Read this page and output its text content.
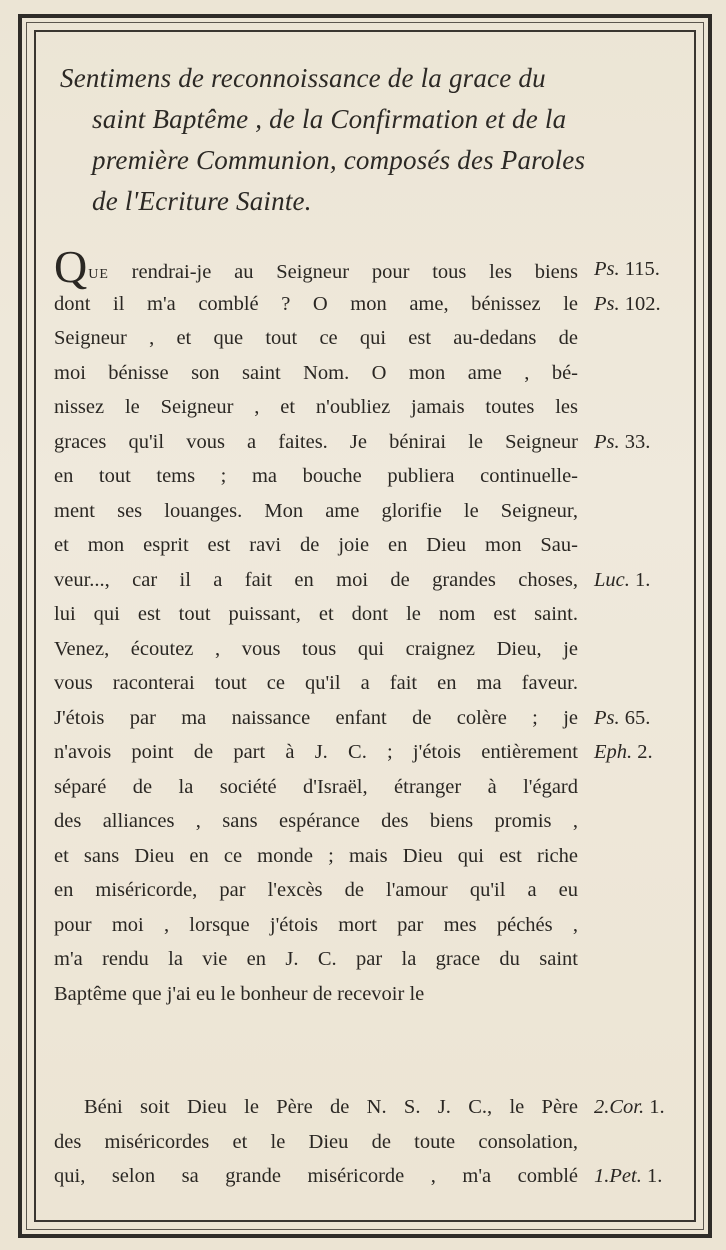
Sentimens de reconnoissance de la grace du
saint Baptême , de la Confirmation et de la
première Communion, composés des Paroles
de l'Ecriture Sainte.
QUE rendrai-je au Seigneur pour tous les biens Ps. 115.
dont il m'a comblé ? O mon ame, bénissez le Ps. 102.
Seigneur , et que tout ce qui est au-dedans de
moi bénisse son saint Nom. O mon ame , bé-
nissez le Seigneur , et n'oubliez jamais toutes les
graces qu'il vous a faites. Je bénirai le Seigneur Ps. 33.
en tout tems ; ma bouche publiera continuelle-
ment ses louanges. Mon ame glorifie le Seigneur,
et mon esprit est ravi de joie en Dieu mon Sau-
veur..., car il a fait en moi de grandes choses, Luc. 1.
lui qui est tout puissant, et dont le nom est saint.
Venez, écoutez , vous tous qui craignez Dieu, je
vous raconterai tout ce qu'il a fait en ma faveur.
J'étois par ma naissance enfant de colère ; je Ps. 65.
n'avois point de part à J. C. ; j'étois entièrement Eph. 2.
séparé de la société d'Israël, étranger à l'égard
des alliances , sans espérance des biens promis ,
et sans Dieu en ce monde ; mais Dieu qui est riche
en miséricorde, par l'excès de l'amour qu'il a eu
pour moi , lorsque j'étois mort par mes péchés ,
m'a rendu la vie en J. C. par la grace du saint
Baptême que j'ai eu le bonheur de recevoir le
Béni soit Dieu le Père de N. S. J. C., le Père 2.Cor. 1.
des miséricordes et le Dieu de toute consolation,
qui, selon sa grande miséricorde , m'a comblé 1.Pet. 1.
